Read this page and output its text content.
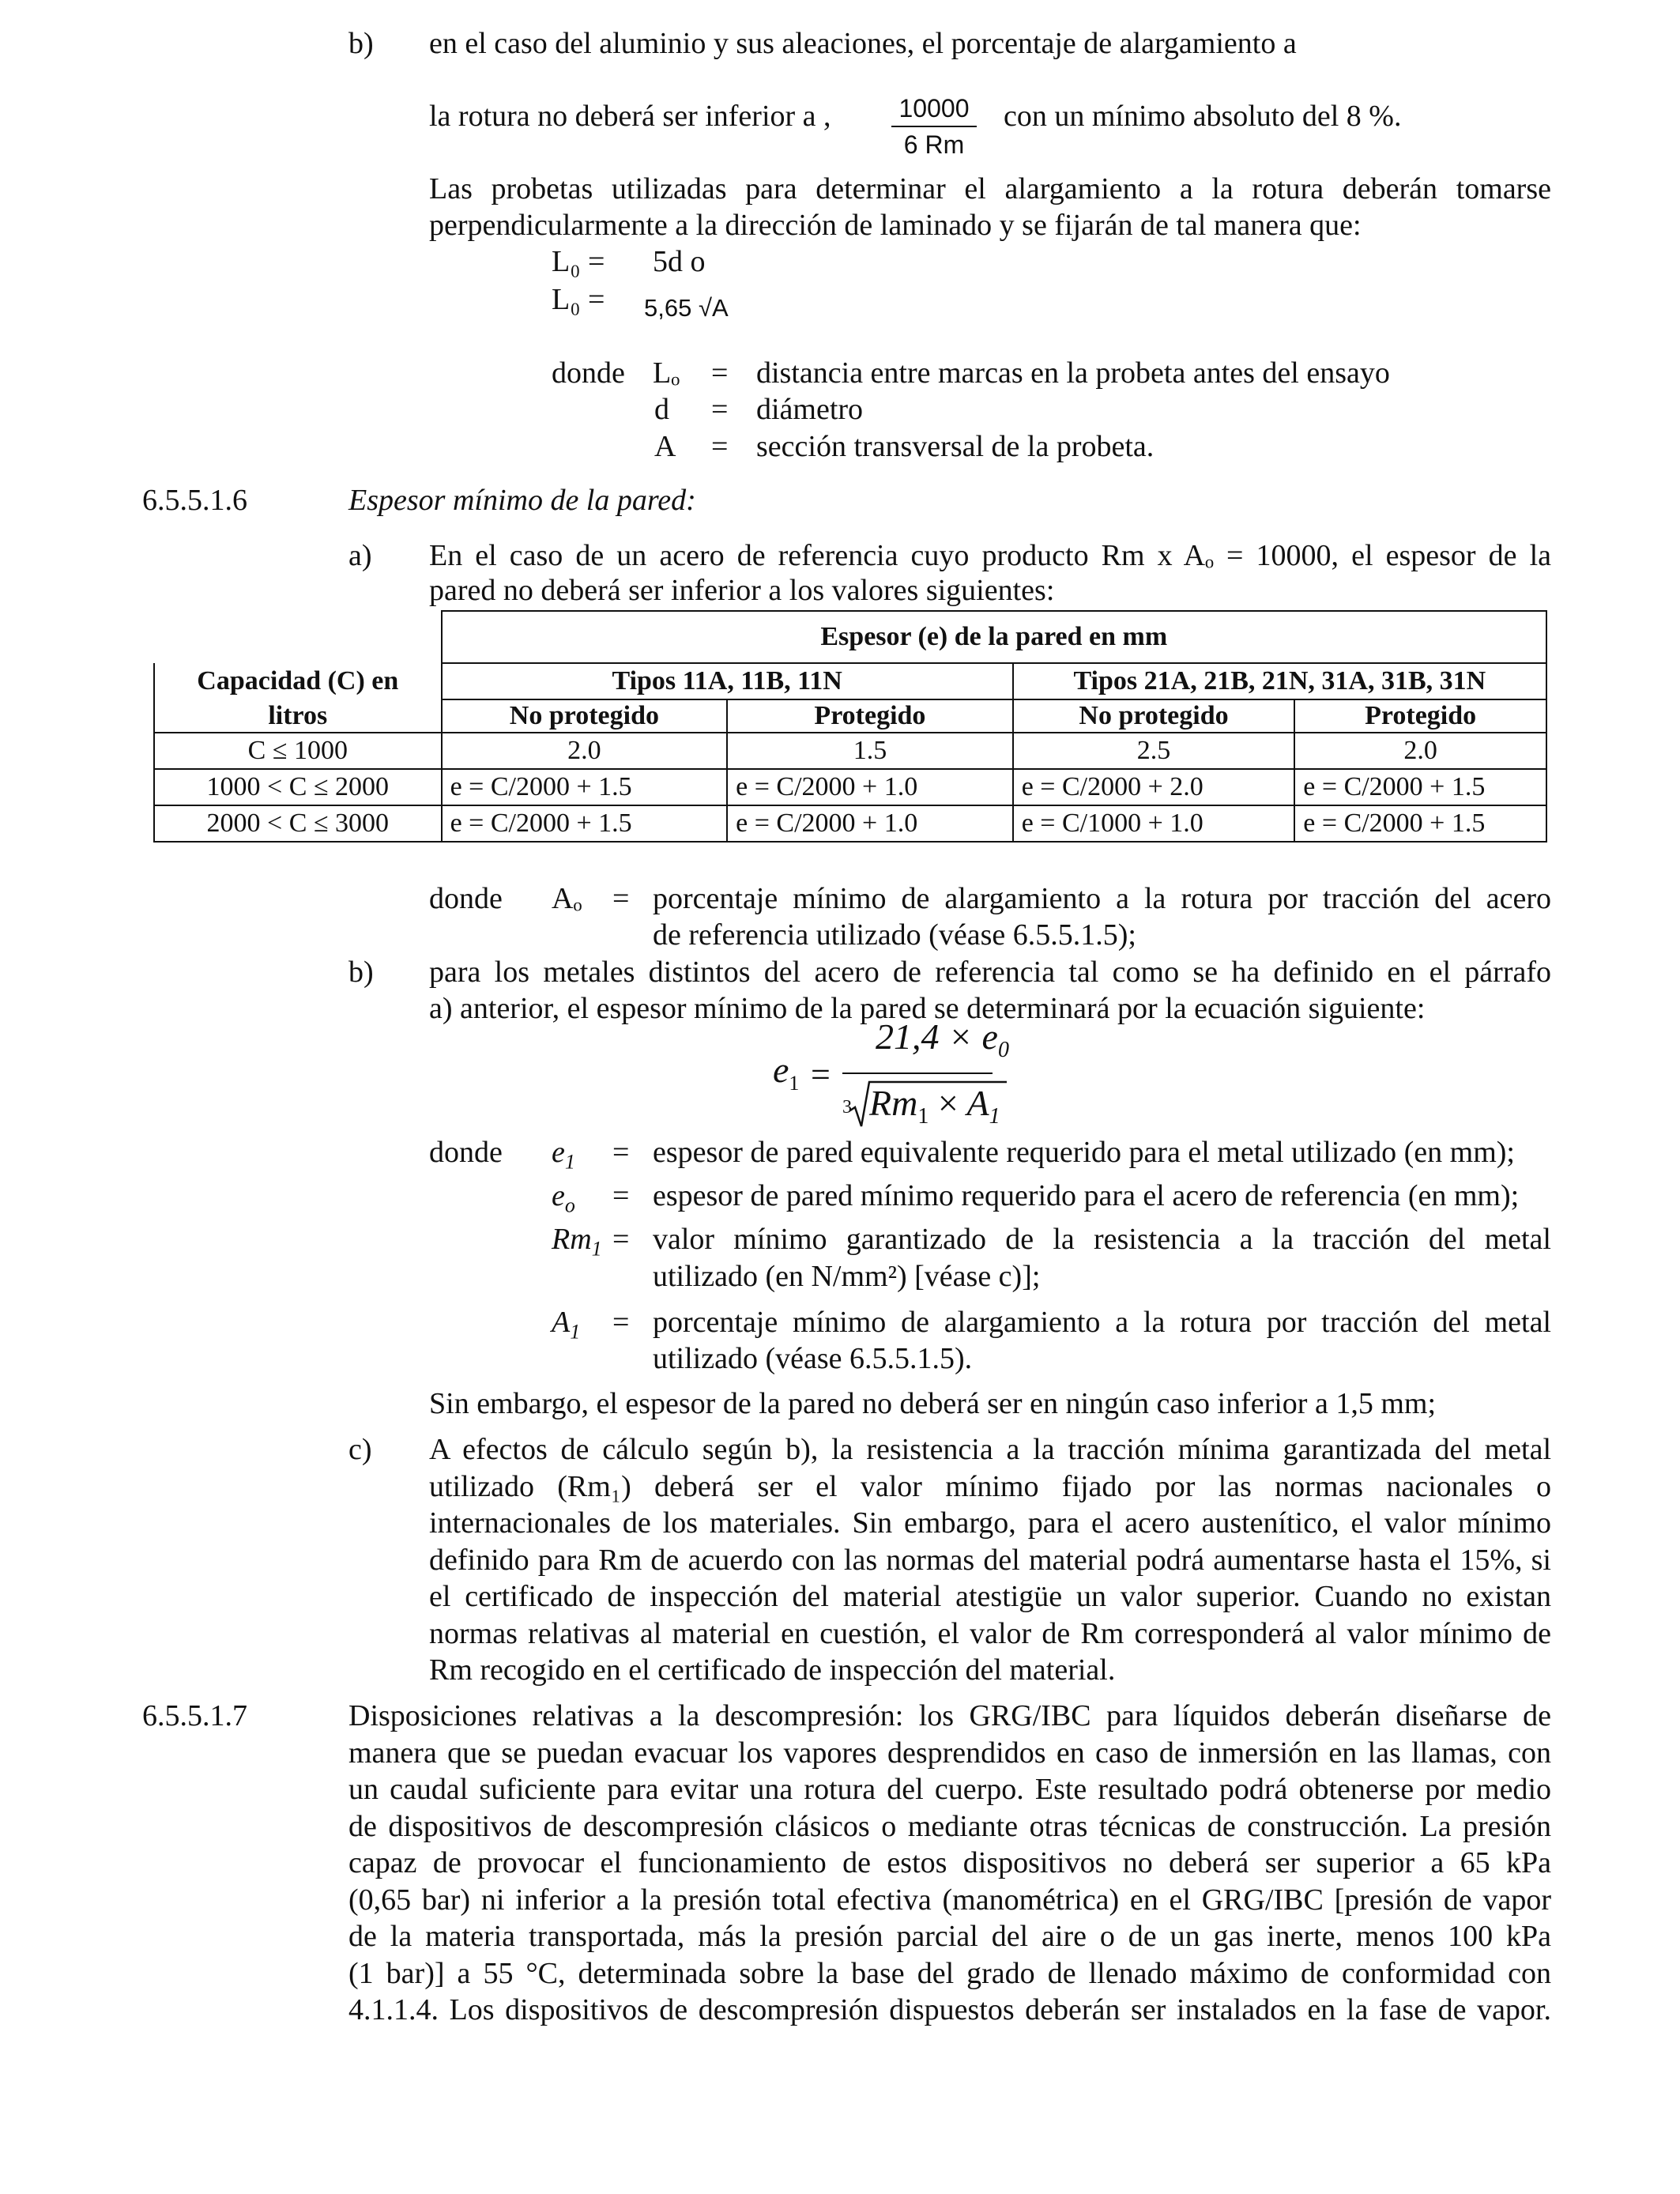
b) en el caso del aluminio y sus aleaciones, el porcentaje de alargamiento a
la rotura no deberá ser inferior a , $\frac{10000}{6 Rm}$ con un mínimo absoluto del 8 %.
Las probetas utilizadas para determinar el alargamiento a la rotura deberán tomarse
perpendicularmente a la dirección de laminado y se fijarán de tal manera que:
L₀ = 5d o
L₀ = 5,65 √A
donde Lₒ = distancia entre marcas en la probeta antes del ensayo
d = diámetro
A = sección transversal de la probeta.
6.5.5.1.6	Espesor mínimo de la pared:
a) En el caso de un acero de referencia cuyo producto Rm x Aₒ = 10000, el espesor de la
pared no deberá ser inferior a los valores siguientes:
	Espesor (e) de la pared en mm			
Capacidad (C) en	Tipos 11A, 11B, 11N		Tipos 21A, 21B, 21N, 31A, 31B, 31N	
litros	No protegido	Protegido	No protegido	Protegido
C ≤ 1000	2.0	1.5	2.5	2.0
1000 < C ≤ 2000	e = C/2000 + 1.5	e = C/2000 + 1.0	e = C/2000 + 2.0	e = C/2000 + 1.5
2000 < C ≤ 3000	e = C/2000 + 1.5	e = C/2000 + 1.0	e = C/1000 + 1.0	e = C/2000 + 1.5
donde Aₒ = porcentaje mínimo de alargamiento a la rotura por tracción del acero
de referencia utilizado (véase 6.5.5.1.5);
b) para los metales distintos del acero de referencia tal como se ha definido en el párrafo
a) anterior, el espesor mínimo de la pared se determinará por la ecuación siguiente:
$e_1$ =
$21,4 \times e_0$
3 $Rm_1 \times A_1$
donde $e_1$ = espesor de pared equivalente requerido para el metal utilizado (en mm);
$e_o$ = espesor de pared mínimo requerido para el acero de referencia (en mm);
$Rm_1$ = valor mínimo garantizado de la resistencia a la tracción del metal
utilizado (en N/mm²) [véase c)];
$A_1$ = porcentaje mínimo de alargamiento a la rotura por tracción del metal
utilizado (véase 6.5.5.1.5).
Sin embargo, el espesor de la pared no deberá ser en ningún caso inferior a 1,5 mm;
c) A efectos de cálculo según b), la resistencia a la tracción mínima garantizada del metal
utilizado (Rm₁) deberá ser el valor mínimo fijado por las normas nacionales o
internacionales de los materiales. Sin embargo, para el acero austenítico, el valor mínimo
definido para Rm de acuerdo con las normas del material podrá aumentarse hasta el 15%, si
el certificado de inspección del material atestigüe un valor superior. Cuando no existan
normas relativas al material en cuestión, el valor de Rm corresponderá al valor mínimo de
Rm recogido en el certificado de inspección del material.
6.5.5.1.7	Disposiciones relativas a la descompresión: los GRG/IBC para líquidos deberán diseñarse de
manera que se puedan evacuar los vapores desprendidos en caso de inmersión en las llamas, con
un caudal suficiente para evitar una rotura del cuerpo. Este resultado podrá obtenerse por medio
de dispositivos de descompresión clásicos o mediante otras técnicas de construcción. La presión
capaz de provocar el funcionamiento de estos dispositivos no deberá ser superior a 65 kPa
(0,65 bar) ni inferior a la presión total efectiva (manométrica) en el GRG/IBC [presión de vapor
de la materia transportada, más la presión parcial del aire o de un gas inerte, menos 100 kPa
(1 bar)] a 55 °C, determinada sobre la base del grado de llenado máximo de conformidad con
4.1.1.4. Los dispositivos de descompresión dispuestos deberán ser instalados en la fase de vapor.
